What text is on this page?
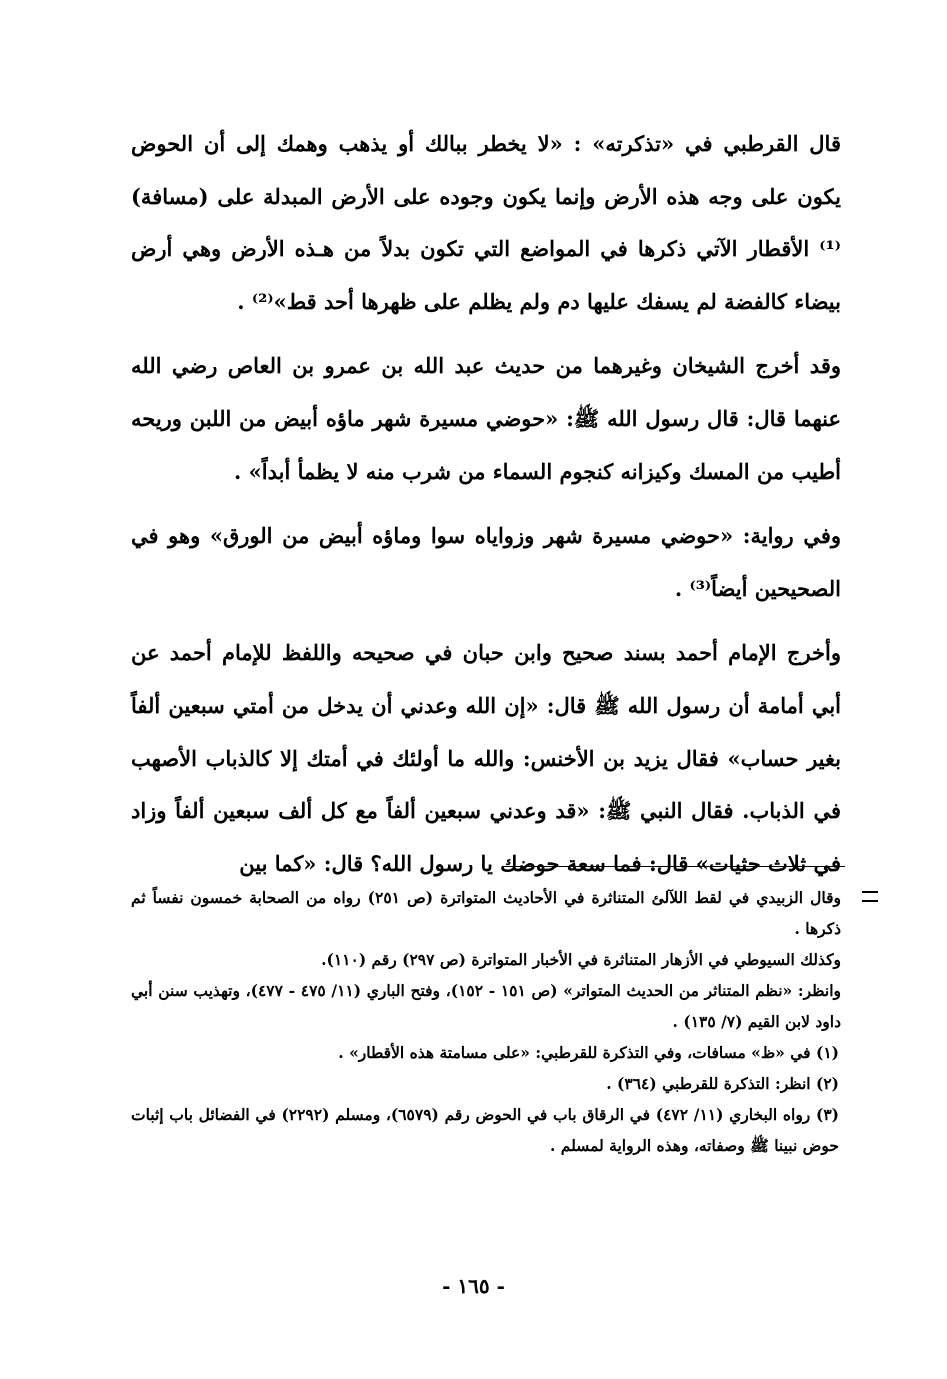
قال القرطبي في «تذكرته» : «لا يخطر ببالك أو يذهب وهمك إلى أن الحوض يكون على وجه هذه الأرض وإنما يكون وجوده على الأرض المبدلة على (مسافة)⁽¹⁾ الأقطار الآتي ذكرها في المواضع التي تكون بدلاً من هـذه الأرض وهي أرض بيضاء كالفضة لم يسفك عليها دم ولم يظلم على ظهرها أحد قط»⁽²⁾ .

وقد أخرج الشيخان وغيرهما من حديث عبد الله بن عمرو بن العاص رضي الله عنهما قال: قال رسول الله ﷺ: «حوضي مسيرة شهر ماؤه أبيض من اللبن وريحه أطيب من المسك وكيزانه كنجوم السماء من شرب منه لا يظمأ أبداً» .

وفي رواية: «حوضي مسيرة شهر وزواياه سوا وماؤه أبيض من الورق» وهو في الصحيحين أيضاً⁽³⁾ .

وأخرج الإمام أحمد بسند صحيح وابن حبان في صحيحه واللفظ للإمام أحمد عن أبي أمامة أن رسول الله ﷺ قال: «إن الله وعدني أن يدخل من أمتي سبعين ألفاً بغير حساب» فقال يزيد بن الأخنس: والله ما أولئك في أمتك إلا كالذباب الأصهب في الذباب. فقال النبي ﷺ: «قد وعدني سبعين ألفاً مع كل ألف سبعين ألفاً وزاد في ثلاث حثيات» قال: فما سعة حوضك يا رسول الله؟ قال: «كما بين

وقال الزبيدي في لقط اللآلئ المتناثرة في الأحاديث المتواترة (ص ٢٥١) رواه من الصحابة خمسون نفساً ثم ذكرها .

وكذلك السيوطي في الأزهار المتناثرة في الأخبار المتواترة (ص ٢٩٧) رقم (١١٠).

وانظر: «نظم المتناثر من الحديث المتواتر» (ص ١٥١ - ١٥٢)، وفتح الباري (١١/ ٤٧٥ - ٤٧٧)، وتهذيب سنن أبي داود لابن القيم (٧/ ١٣٥) .

(١) في «ظ» مسافات، وفي التذكرة للقرطبي: «على مسامتة هذه الأقطار» .

(٢) انظر: التذكرة للقرطبي (٣٦٤) .

(٣) رواه البخاري (١١/ ٤٧٢) في الرقاق باب في الحوض رقم (٦٥٧٩)، ومسلم (٢٢٩٢) في الفضائل باب إثبات حوض نبينا ﷺ وصفاته، وهذه الرواية لمسلم .

- ١٦٥ -
